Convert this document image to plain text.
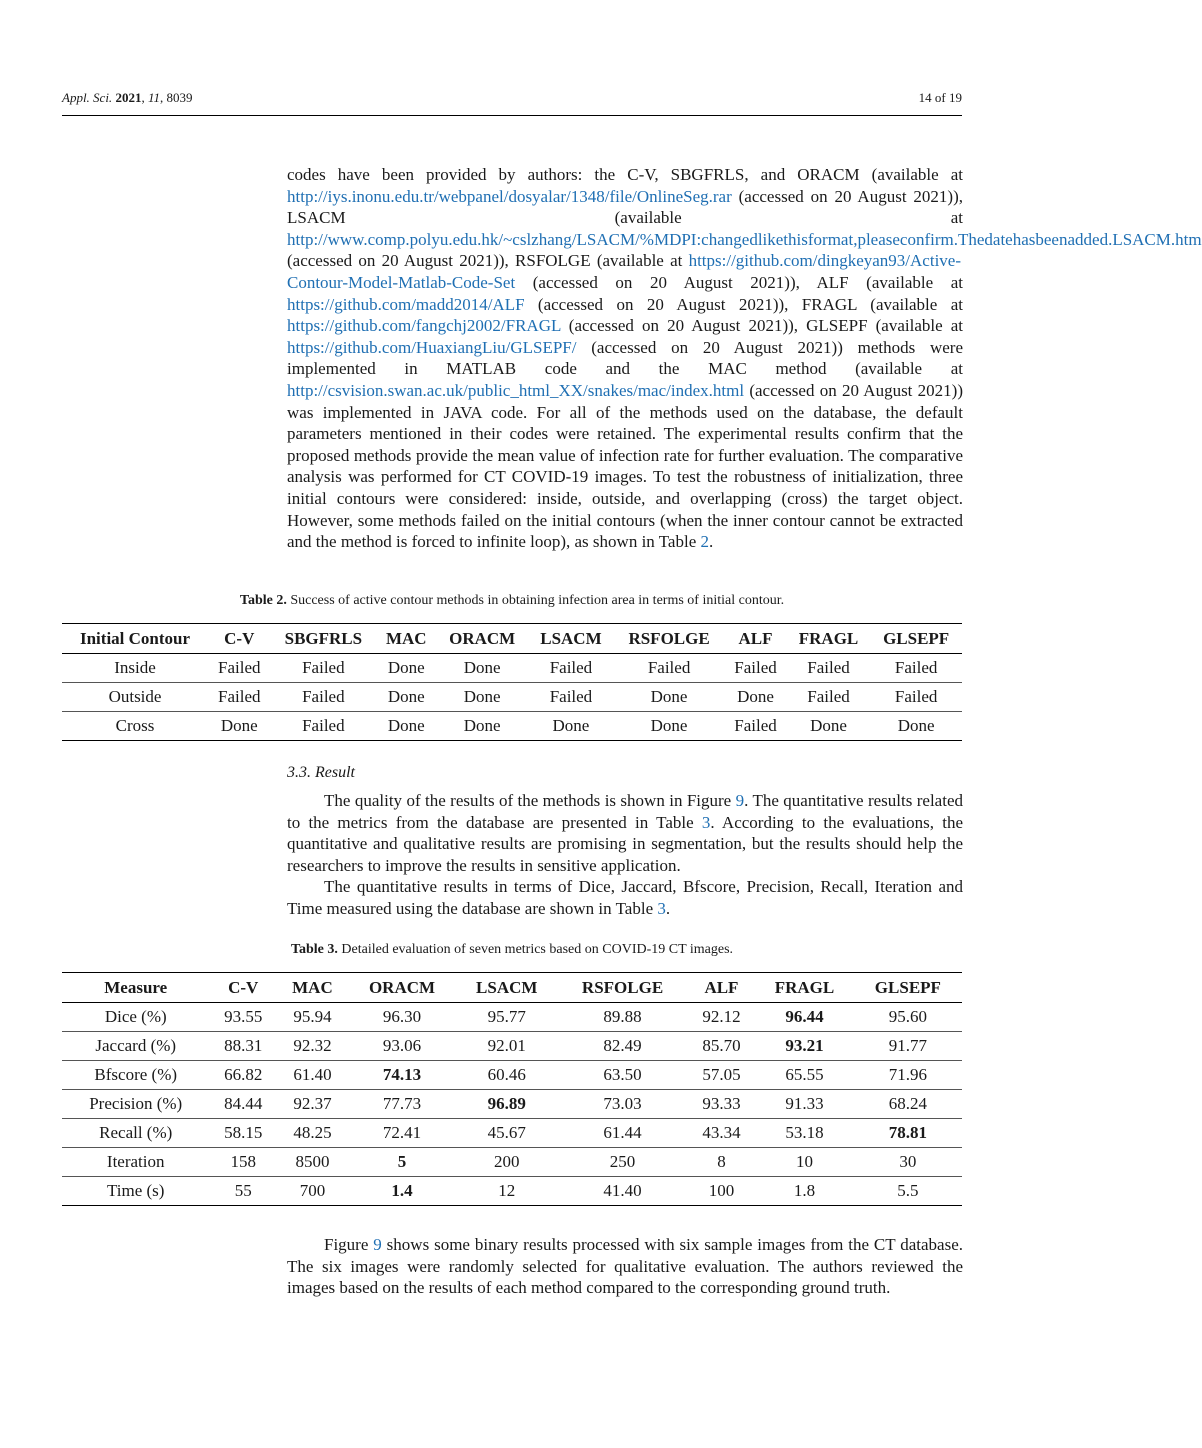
Appl. Sci. 2021, 11, 8039	14 of 19

codes have been provided by authors: the C-V, SBGFRLS, and ORACM (available at http://iys.inonu.edu.tr/webpanel/dosyalar/1348/file/OnlineSeg.rar (accessed on 20 August 2021)), LSACM (available at http://www.comp.polyu.edu.hk/~cslzhang/LSACM/%MDPI:changedlikethisformat,pleaseconfirm.Thedatehasbeenadded.LSACM.htm (accessed on 20 August 2021)), RSFOLGE (available at https://github.com/dingkeyan93/Active-Contour-Model-Matlab-Code-Set (accessed on 20 August 2021)), ALF (available at https://github.com/madd2014/ALF (accessed on 20 August 2021)), FRAGL (available at https://github.com/fangchj2002/FRAGL (accessed on 20 August 2021)), GLSEPF (available at https://github.com/HuaxiangLiu/GLSEPF/ (accessed on 20 August 2021)) methods were implemented in MATLAB code and the MAC method (available at http://csvision.swan.ac.uk/public_html_XX/snakes/mac/index.html (accessed on 20 August 2021)) was implemented in JAVA code. For all of the methods used on the database, the default parameters mentioned in their codes were retained. The experimental results confirm that the proposed methods provide the mean value of infection rate for further evaluation. The comparative analysis was performed for CT COVID-19 images. To test the robustness of initialization, three initial contours were considered: inside, outside, and overlapping (cross) the target object. However, some methods failed on the initial contours (when the inner contour cannot be extracted and the method is forced to infinite loop), as shown in Table 2.

Table 2. Success of active contour methods in obtaining infection area in terms of initial contour.
Initial Contour	C-V	SBGFRLS	MAC	ORACM	LSACM	RSFOLGE	ALF	FRAGL	GLSEPF
Inside	Failed	Failed	Done	Done	Failed	Failed	Failed	Failed	Failed
Outside	Failed	Failed	Done	Done	Failed	Done	Done	Failed	Failed
Cross	Done	Failed	Done	Done	Done	Done	Failed	Done	Done
3.3. Result

The quality of the results of the methods is shown in Figure 9. The quantitative results related to the metrics from the database are presented in Table 3. According to the evaluations, the quantitative and qualitative results are promising in segmentation, but the results should help the researchers to improve the results in sensitive application.

The quantitative results in terms of Dice, Jaccard, Bfscore, Precision, Recall, Iteration and Time measured using the database are shown in Table 3.

Table 3. Detailed evaluation of seven metrics based on COVID-19 CT images.
Measure	C-V	MAC	ORACM	LSACM	RSFOLGE	ALF	FRAGL	GLSEPF
Dice (%)	93.55	95.94	96.30	95.77	89.88	92.12	96.44	95.60
Jaccard (%)	88.31	92.32	93.06	92.01	82.49	85.70	93.21	91.77
Bfscore (%)	66.82	61.40	74.13	60.46	63.50	57.05	65.55	71.96
Precision (%)	84.44	92.37	77.73	96.89	73.03	93.33	91.33	68.24
Recall (%)	58.15	48.25	72.41	45.67	61.44	43.34	53.18	78.81
Iteration	158	8500	5	200	250	8	10	30
Time (s)	55	700	1.4	12	41.40	100	1.8	5.5

Figure 9 shows some binary results processed with six sample images from the CT database. The six images were randomly selected for qualitative evaluation. The authors reviewed the images based on the results of each method compared to the corresponding ground truth.
